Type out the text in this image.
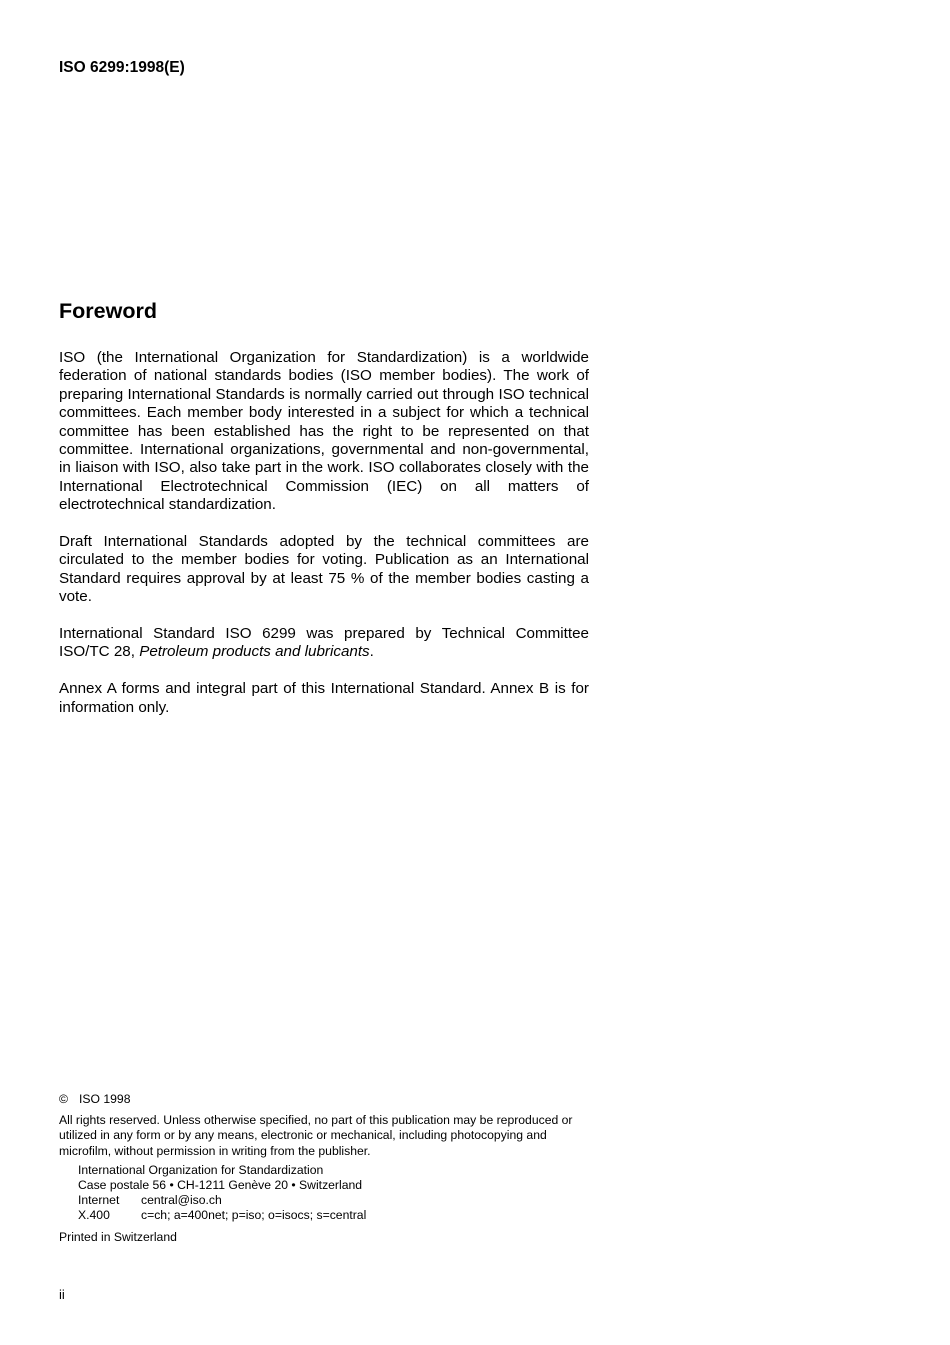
ISO 6299:1998(E)
Foreword

ISO (the International Organization for Standardization) is a worldwide federation of national standards bodies (ISO member bodies). The work of preparing International Standards is normally carried out through ISO technical committees. Each member body interested in a subject for which a technical committee has been established has the right to be represented on that committee. International organizations, governmental and non-governmental, in liaison with ISO, also take part in the work. ISO collaborates closely with the International Electrotechnical Commission (IEC) on all matters of electrotechnical standardization.

Draft International Standards adopted by the technical committees are circulated to the member bodies for voting. Publication as an International Standard requires approval by at least 75 % of the member bodies casting a vote.

International Standard ISO 6299 was prepared by Technical Committee ISO/TC 28, Petroleum products and lubricants.

Annex A forms and integral part of this International Standard. Annex B is for information only.

© ISO 1998
All rights reserved. Unless otherwise specified, no part of this publication may be reproduced or utilized in any form or by any means, electronic or mechanical, including photocopying and microfilm, without permission in writing from the publisher.
International Organization for Standardization
Case postale 56 • CH-1211 Genève 20 • Switzerland
Internet central@iso.ch
X.400	c=ch; a=400net; p=iso; o=isocs; s=central
Printed in Switzerland
ii
